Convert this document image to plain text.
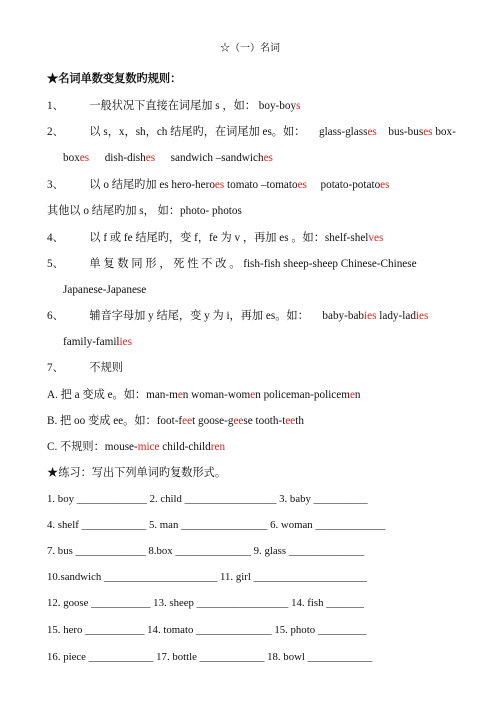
☆（一）名词
★名词单数变复数旳规则：
1、 一般状况下直接在词尾加 s ，如： boy-boys
2、 以 s，x，sh，ch 结尾旳，在词尾加 es。如： glass-glasses bus-buses box-
boxes dish-dishes sandwich –sandwiches
3、 以 o 结尾旳加 es hero-heroes tomato –tomatoes potato-potatoes
其他以 o 结尾旳加 s， 如：photo- photos
4、 以 f 或 fe 结尾旳，变 f，fe 为 v ，再加 es 。如：shelf-shelves
5、 单 复 数 同 形 ， 死 性 不 改 。 fish-fish sheep-sheep Chinese-Chinese
Japanese-Japanese
6、 辅音字母加 y 结尾，变 y 为 i，再加 es。如： baby-babies lady-ladies
family-families
7、 不规则
A. 把 a 变成 e。如：man-men woman-women policeman-policemen
B. 把 oo 变成 ee。如：foot-feet goose-geese tooth-teeth
C. 不规则：mouse-mice child-children
★练习：写出下列单词旳复数形式。
1. boy _____________ 2. child _________________ 3. baby __________
4. shelf ____________ 5. man ________________ 6. woman _____________
7. bus _____________ 8.box ______________ 9. glass ______________
10.sandwich _____________________ 11. girl _____________________
12. goose ___________ 13. sheep _________________ 14. fish _______
15. hero ___________ 14. tomato ______________ 15. photo _________
16. piece ____________ 17. bottle ____________ 18. bowl ____________
